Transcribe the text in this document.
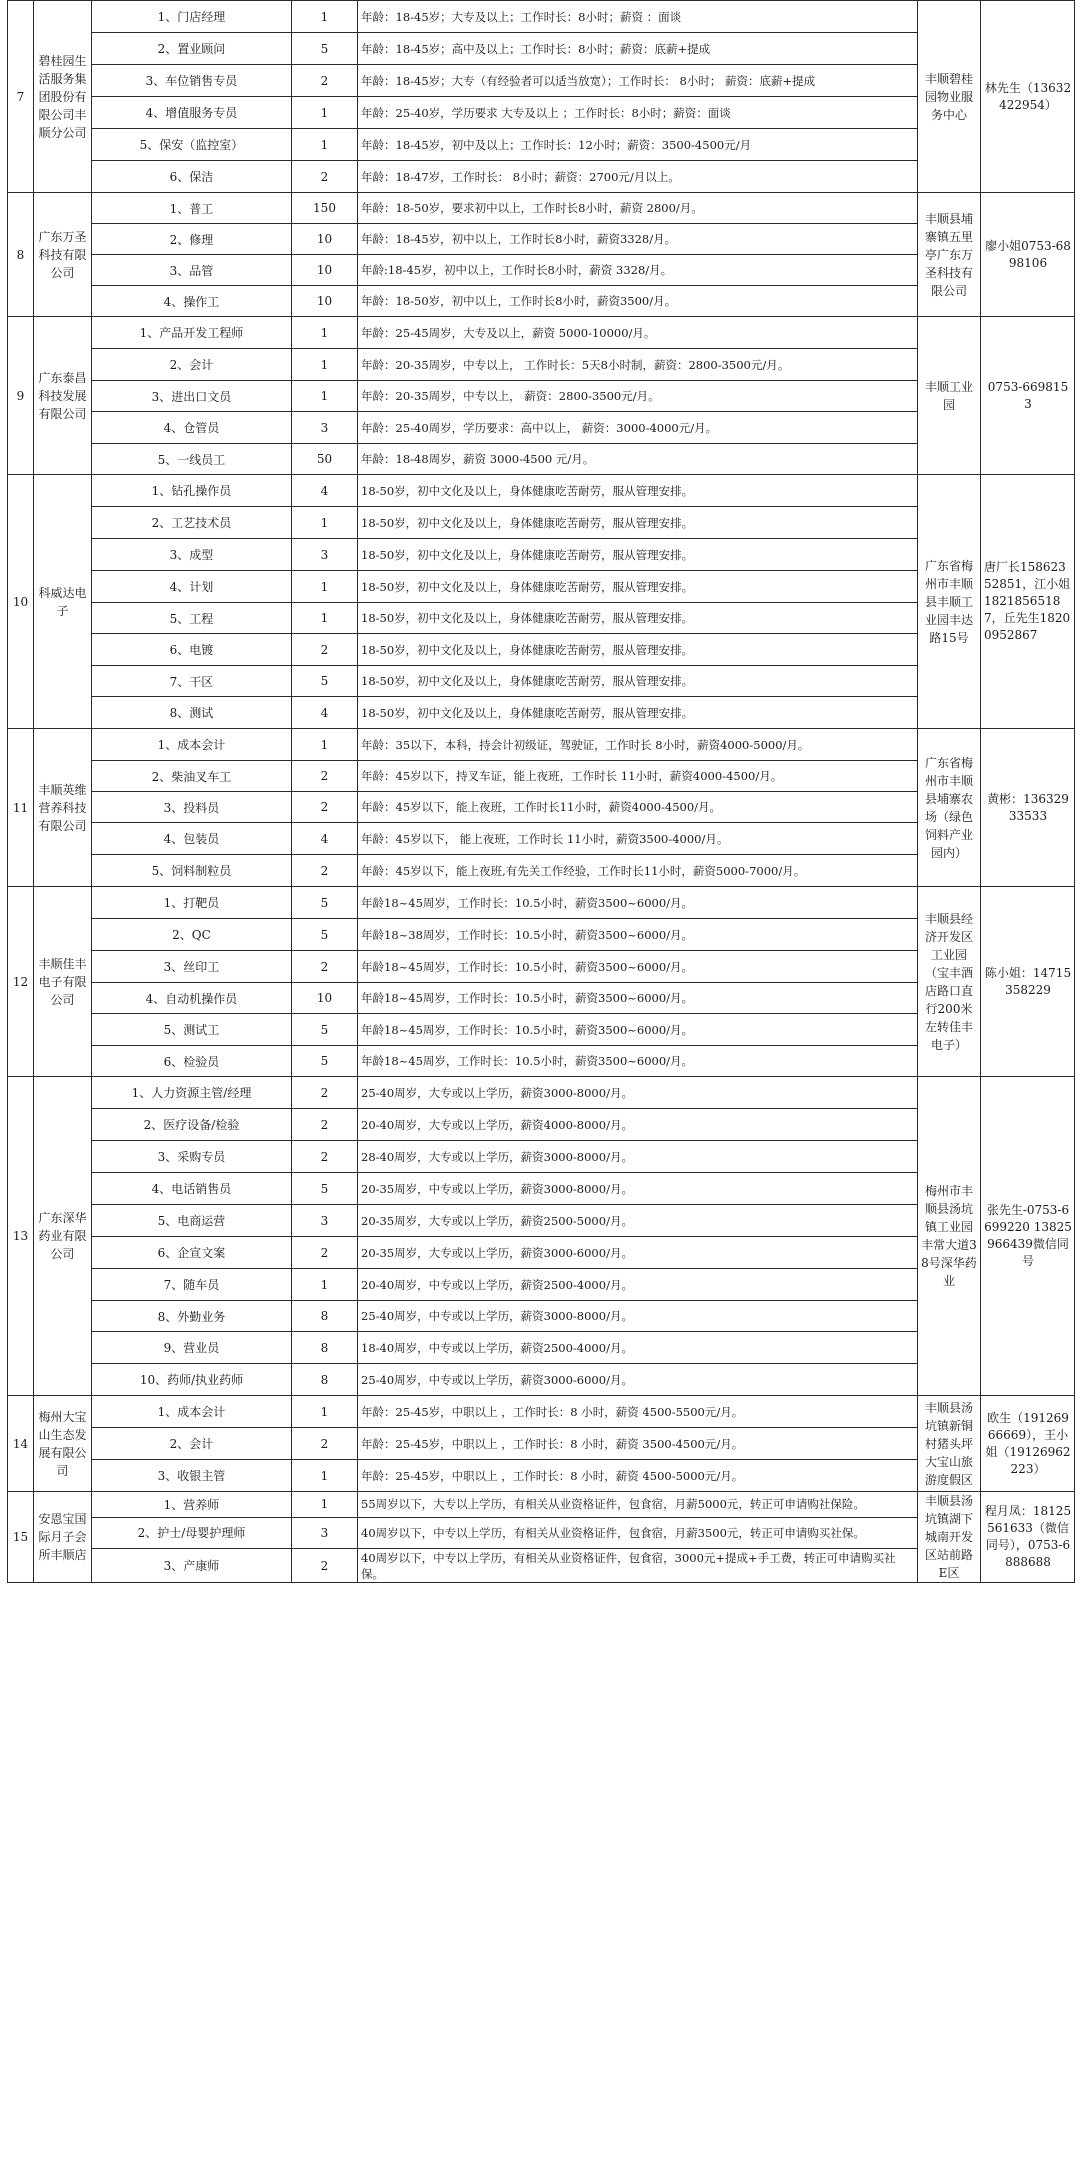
7	碧桂园生活服务集团股份有限公司丰顺分公司	1、门店经理	1	年龄：18-45岁；大专及以上；工作时长：8小时；薪资 ：面谈	丰顺碧桂园物业服务中心	林先生（13632422954）

		2、置业顾问	5	年龄：18-45岁；高中及以上；工作时长：8小时；薪资：底薪+提成		
		3、车位销售专员	2	年龄：18-45岁；大专（有经验者可以适当放宽）；工作时长： 8小时； 薪资：底薪+提成		
		4、增值服务专员	1	年龄：25-40岁，学历要求 大专及以上 ；工作时长：8小时；薪资：面谈		
		5、保安（监控室）	1	年龄：18-45岁，初中及以上；工作时长：12小时；薪资：3500-4500元/月		
		6、保洁	2	年龄：18-47岁，工作时长： 8小时；薪资：2700元/月以上。		
8	广东万圣科技有限公司	1、普工	150	年龄：18-50岁，要求初中以上，工作时长8小时，薪资 2800/月。	丰顺县埔寨镇五里亭广东万圣科技有限公司	廖小姐0753-6898106

		2、修理	10	年龄：18-45岁，初中以上，工作时长8小时，薪资3328/月。		
		3、品管	10	年龄:18-45岁，初中以上，工作时长8小时，薪资 3328/月。		
		4、操作工	10	年龄：18-50岁，初中以上，工作时长8小时，薪资3500/月。		
9	广东泰昌科技发展有限公司	1、产品开发工程师	1	年龄：25-45周岁，大专及以上，薪资 5000-10000/月。	丰顺工业园	0753-6698153

		2、会计	1	年龄：20-35周岁，中专以上， 工作时长：5天8小时制，薪资：2800-3500元/月。		
		3、进出口文员	1	年龄：20-35周岁，中专以上， 薪资：2800-3500元/月。		
		4、仓管员	3	年龄：25-40周岁，学历要求：高中以上， 薪资：3000-4000元/月。		
		5、一线员工	50	年龄：18-48周岁，薪资 3000-4500 元/月。		
10	科威达电子	1、钻孔操作员	4	18-50岁，初中文化及以上，身体健康吃苦耐劳，服从管理安排。	广东省梅州市丰顺县丰顺工业园丰达路15号	唐厂长15862352851，江小姐18218565187，丘先生18200952867

		2、工艺技术员	1	18-50岁，初中文化及以上，身体健康吃苦耐劳，服从管理安排。		
		3、成型	3	18-50岁，初中文化及以上，身体健康吃苦耐劳，服从管理安排。		
		4、计划	1	18-50岁，初中文化及以上，身体健康吃苦耐劳，服从管理安排。		
		5、工程	1	18-50岁，初中文化及以上，身体健康吃苦耐劳，服从管理安排。		
		6、电镀	2	18-50岁，初中文化及以上，身体健康吃苦耐劳，服从管理安排。		
		7、干区	5	18-50岁，初中文化及以上，身体健康吃苦耐劳，服从管理安排。		
		8、测试	4	18-50岁，初中文化及以上，身体健康吃苦耐劳，服从管理安排。		
11	丰顺英维营养科技有限公司	1、成本会计	1	年龄：35以下，本科，持会计初级证，驾驶证，工作时长 8小时，薪资4000-5000/月。	广东省梅州市丰顺县埔寨农场（绿色饲料产业园内）	黄彬：13632933533

		2、柴油叉车工	2	年龄：45岁以下，持叉车证，能上夜班，工作时长 11小时，薪资4000-4500/月。		
		3、投料员	2	年龄：45岁以下，能上夜班，工作时长11小时，薪资4000-4500/月。		
		4、包装员	4	年龄：45岁以下， 能上夜班，工作时长 11小时，薪资3500-4000/月。		
		5、饲料制粒员	2	年龄：45岁以下，能上夜班,有先关工作经验，工作时长11小时，薪资5000-7000/月。		
12	丰顺佳丰电子有限公司	1、打靶员	5	年龄18~45周岁，工作时长：10.5小时，薪资3500~6000/月。	丰顺县经济开发区工业园（宝丰酒店路口直行200米左转佳丰电子）	陈小姐：14715358229

		2、QC	5	年龄18~38周岁，工作时长：10.5小时，薪资3500~6000/月。		
		3、丝印工	2	年龄18~45周岁，工作时长：10.5小时，薪资3500~6000/月。		
		4、自动机操作员	10	年龄18~45周岁，工作时长：10.5小时，薪资3500~6000/月。		
		5、测试工	5	年龄18~45周岁，工作时长：10.5小时，薪资3500~6000/月。		
		6、检验员	5	年龄18~45周岁，工作时长：10.5小时，薪资3500~6000/月。		
13	广东深华药业有限公司	1、人力资源主管/经理	2	25-40周岁，大专或以上学历，薪资3000-8000/月。	梅州市丰顺县汤坑镇工业园丰常大道38号深华药业	张先生-0753-6699220 13825966439微信同号

		2、医疗设备/检验	2	20-40周岁，大专或以上学历，薪资4000-8000/月。		
		3、采购专员	2	28-40周岁，大专或以上学历，薪资3000-8000/月。		
		4、电话销售员	5	20-35周岁，中专或以上学历，薪资3000-8000/月。		
		5、电商运营	3	20-35周岁，大专或以上学历，薪资2500-5000/月。		
		6、企宣文案	2	20-35周岁，大专或以上学历，薪资3000-6000/月。		
		7、随车员	1	20-40周岁，中专或以上学历，薪资2500-4000/月。		
		8、外勤业务	8	25-40周岁，中专或以上学历，薪资3000-8000/月。		
		9、营业员	8	18-40周岁，中专或以上学历，薪资2500-4000/月。		
		10、药师/执业药师	8	25-40周岁，中专或以上学历，薪资3000-6000/月。		
14	梅州大宝山生态发展有限公司	1、成本会计	1	年龄：25-45岁，中职以上 ，工作时长：8 小时，薪资 4500-5500元/月。	丰顺县汤坑镇新铜村猪头坪大宝山旅游度假区	欧生（19126966669），王小姐（19126962223）

		2、会计	2	年龄：25-45岁，中职以上 ，工作时长：8 小时，薪资 3500-4500元/月。		
		3、收银主管	1	年龄：25-45岁，中职以上 ，工作时长：8 小时，薪资 4500-5000元/月。		
15	安恩宝国际月子会所丰顺店	1、营养师	1	55周岁以下，大专以上学历，有相关从业资格证件，包食宿，月薪5000元，转正可申请购社保险。	丰顺县汤坑镇湖下城南开发区站前路E区	程月凤：18125561633（微信同号），0753-6888688

		2、护士/母婴护理师	3	40周岁以下，中专以上学历，有相关从业资格证件，包食宿，月薪3500元，转正可申请购买社保。		
		3、产康师	2	40周岁以下，中专以上学历，有相关从业资格证件，包食宿，3000元+提成+手工费，转正可申请购买社保。		
